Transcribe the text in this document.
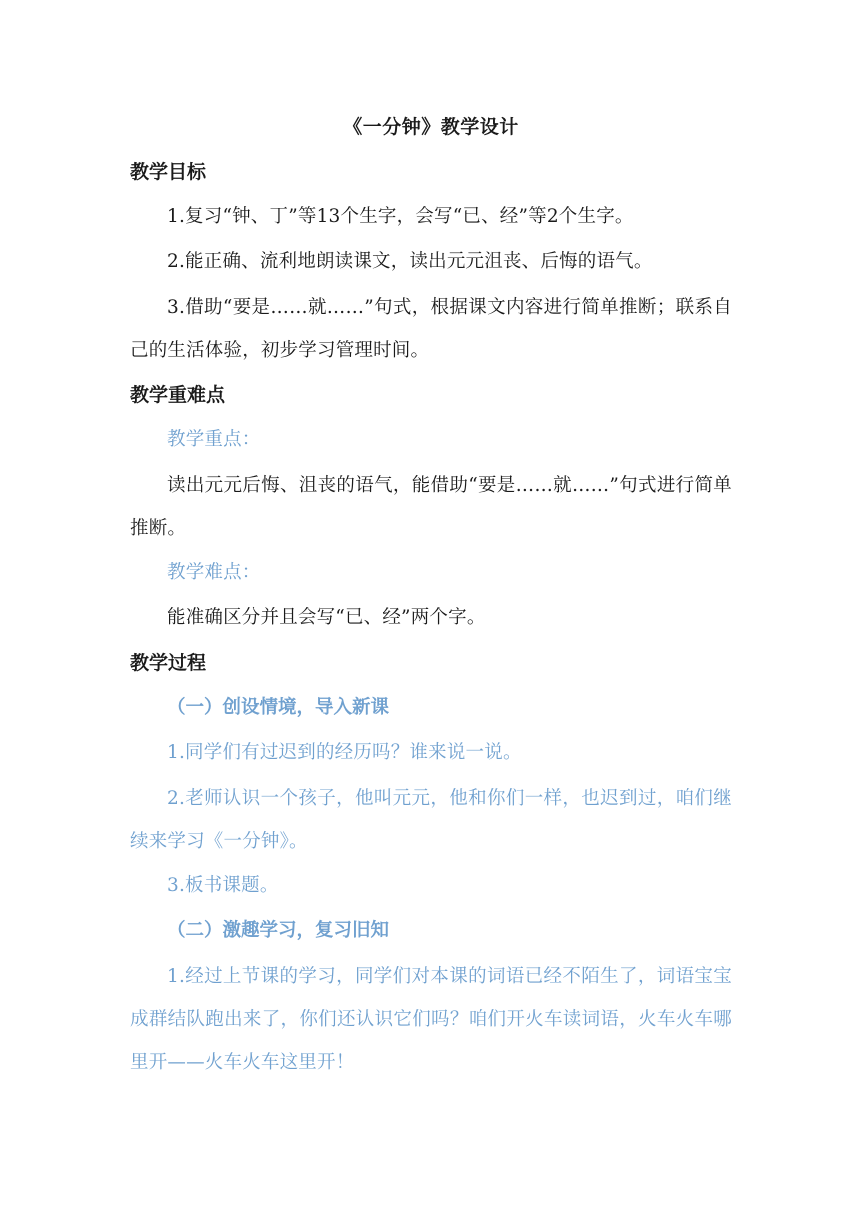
《一分钟》教学设计
教学目标

1.复习“钟、丁”等13个生字，会写“已、经”等2个生字。

2.能正确、流利地朗读课文，读出元元沮丧、后悔的语气。

3.借助“要是……就……”句式，根据课文内容进行简单推断；联系自己的生活体验，初步学习管理时间。

教学重难点

教学重点：

读出元元后悔、沮丧的语气，能借助“要是……就……”句式进行简单推断。

教学难点：

能准确区分并且会写“已、经”两个字。

教学过程
（一）创设情境，导入新课

1.同学们有过迟到的经历吗？谁来说一说。

2.老师认识一个孩子，他叫元元，他和你们一样，也迟到过，咱们继续来学习《一分钟》。

3.板书课题。

（二）激趣学习，复习旧知

1.经过上节课的学习，同学们对本课的词语已经不陌生了，词语宝宝成群结队跑出来了，你们还认识它们吗？咱们开火车读词语，火车火车哪里开——火车火车这里开！
